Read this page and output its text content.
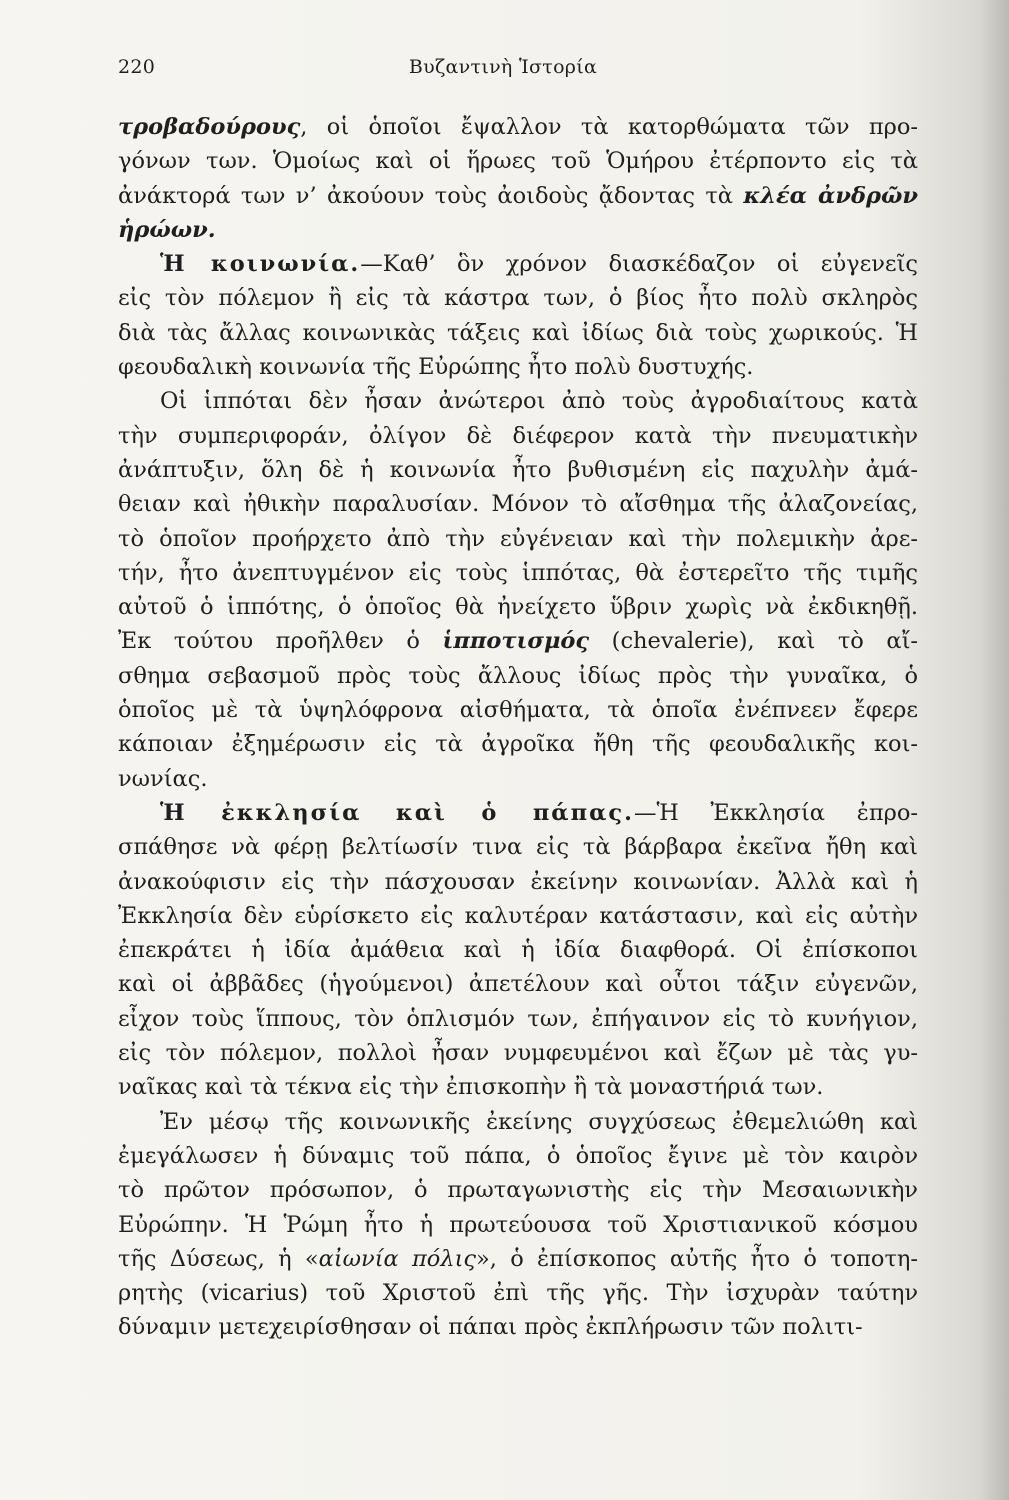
220	Βυζαντινὴ Ἱστορία
τροβαδούρους, οἱ ὁποῖοι ἔψαλλον τὰ κατορθώματα τῶν προ-
γόνων των. Ὁμοίως καὶ οἱ ἥρωες τοῦ Ὁμήρου ἐτέρποντο εἰς τὰ
ἀνάκτορά των ν’ ἀκούουν τοὺς ἀοιδοὺς ᾄδοντας τὰ κλέα ἀνδρῶν
ἡρώων.
Ἡ κοινωνία.—Καθ’ ὃν χρόνον διασκέδαζον οἱ εὐγενεῖς
εἰς τὸν πόλεμον ἢ εἰς τὰ κάστρα των, ὁ βίος ἦτο πολὺ σκληρὸς
διὰ τὰς ἄλλας κοινωνικὰς τάξεις καὶ ἰδίως διὰ τοὺς χωρικούς. Ἡ
φεουδαλικὴ κοινωνία τῆς Εὐρώπης ἦτο πολὺ δυστυχής.
Οἱ ἱππόται δὲν ἦσαν ἀνώτεροι ἀπὸ τοὺς ἀγροδιαίτους κατὰ
τὴν συμπεριφοράν, ὀλίγον δὲ διέφερον κατὰ τὴν πνευματικὴν
ἀνάπτυξιν, ὅλη δὲ ἡ κοινωνία ἦτο βυθισμένη εἰς παχυλὴν ἀμά-
θειαν καὶ ἠθικὴν παραλυσίαν. Μόνον τὸ αἴσθημα τῆς ἀλαζονείας,
τὸ ὁποῖον προήρχετο ἀπὸ τὴν εὐγένειαν καὶ τὴν πολεμικὴν ἀρε-
τήν, ἦτο ἀνεπτυγμένον εἰς τοὺς ἱππότας, θὰ ἐστερεῖτο τῆς τιμῆς
αὐτοῦ ὁ ἱππότης, ὁ ὁποῖος θὰ ἠνείχετο ὕβριν χωρὶς νὰ ἐκδικηθῇ.
Ἐκ τούτου προῆλθεν ὁ ἱπποτισμός (chevalerie), καὶ τὸ αἴ-
σθημα σεβασμοῦ πρὸς τοὺς ἄλλους ἰδίως πρὸς τὴν γυναῖκα, ὁ
ὁποῖος μὲ τὰ ὑψηλόφρονα αἰσθήματα, τὰ ὁποῖα ἐνέπνεεν ἔφερε
κάποιαν ἐξημέρωσιν εἰς τὰ ἀγροῖκα ἤθη τῆς φεουδαλικῆς κοι-
νωνίας.
Ἡ ἐκκλησία καὶ ὁ πάπας.—Ἡ Ἐκκλησία ἐπρο-
σπάθησε νὰ φέρῃ βελτίωσίν τινα εἰς τὰ βάρβαρα ἐκεῖνα ἤθη καὶ
ἀνακούφισιν εἰς τὴν πάσχουσαν ἐκείνην κοινωνίαν. Ἀλλὰ καὶ ἡ
Ἐκκλησία δὲν εὑρίσκετο εἰς καλυτέραν κατάστασιν, καὶ εἰς αὐτὴν
ἐπεκράτει ἡ ἰδία ἀμάθεια καὶ ἡ ἰδία διαφθορά. Οἱ ἐπίσκοποι
καὶ οἱ ἀββᾶδες (ἡγούμενοι) ἀπετέλουν καὶ οὗτοι τάξιν εὐγενῶν,
εἶχον τοὺς ἵππους, τὸν ὁπλισμόν των, ἐπήγαινον εἰς τὸ κυνήγιον,
εἰς τὸν πόλεμον, πολλοὶ ἦσαν νυμφευμένοι καὶ ἔζων μὲ τὰς γυ-
ναῖκας καὶ τὰ τέκνα εἰς τὴν ἐπισκοπὴν ἢ τὰ μοναστήριά των.
Ἐν μέσῳ τῆς κοινωνικῆς ἐκείνης συγχύσεως ἐθεμελιώθη καὶ
ἐμεγάλωσεν ἡ δύναμις τοῦ πάπα, ὁ ὁποῖος ἔγινε μὲ τὸν καιρὸν
τὸ πρῶτον πρόσωπον, ὁ πρωταγωνιστὴς εἰς τὴν Μεσαιωνικὴν
Εὐρώπην. Ἡ Ῥώμη ἦτο ἡ πρωτεύουσα τοῦ Χριστιανικοῦ κόσμου
τῆς Δύσεως, ἡ «αἰωνία πόλις», ὁ ἐπίσκοπος αὐτῆς ἦτο ὁ τοποτη-
ρητὴς (vicarius) τοῦ Χριστοῦ ἐπὶ τῆς γῆς. Τὴν ἰσχυρὰν ταύτην
δύναμιν μετεχειρίσθησαν οἱ πάπαι πρὸς ἐκπλήρωσιν τῶν πολιτι-
